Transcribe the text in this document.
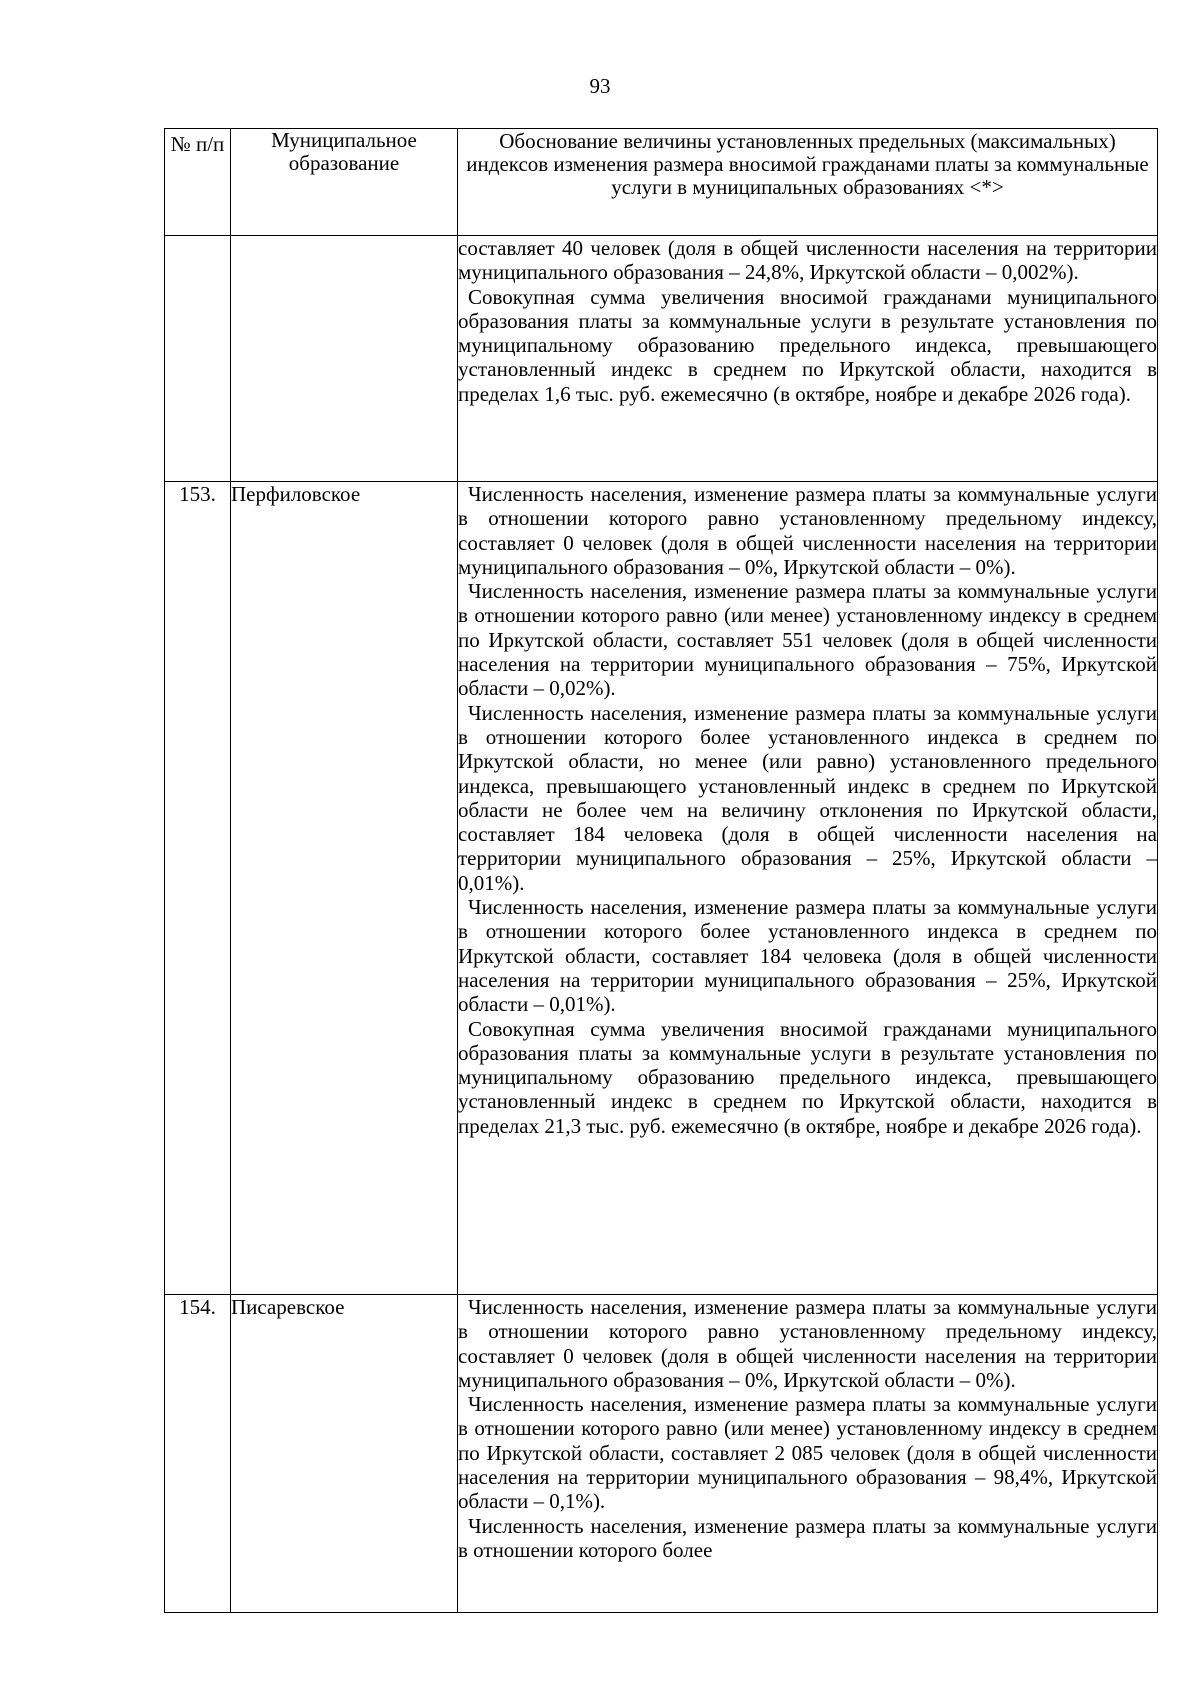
93
№ п/п	Муниципальное образование	Обоснование величины установленных предельных (максимальных) индексов изменения размера вносимой гражданами платы за коммунальные услуги в муниципальных образованиях <*>

		составляет 40 человек (доля в общей численности населения на территории муниципального образования – 24,8%, Иркутской области – 0,002%).

Совокупная сумма увеличения вносимой гражданами муниципального образования платы за коммунальные услуги в результате установления по муниципальному образованию предельного индекса, превышающего установленный индекс в среднем по Иркутской области, находится в пределах 1,6 тыс. руб. ежемесячно (в октябре, ноябре и декабре 2026 года).

153.	Перфиловское	Численность населения, изменение размера платы за коммунальные услуги в отношении которого равно установленному предельному индексу, составляет 0 человек (доля в общей численности населения на территории муниципального образования – 0%, Иркутской области – 0%).

Численность населения, изменение размера платы за коммунальные услуги в отношении которого равно (или менее) установленному индексу в среднем по Иркутской области, составляет 551 человек (доля в общей численности населения на территории муниципального образования – 75%, Иркутской области – 0,02%).

Численность населения, изменение размера платы за коммунальные услуги в отношении которого более установленного индекса в среднем по Иркутской области, но менее (или равно) установленного предельного индекса, превышающего установленный индекс в среднем по Иркутской области не более чем на величину отклонения по Иркутской области, составляет 184 человека (доля в общей численности населения на территории муниципального образования – 25%, Иркутской области – 0,01%).

Численность населения, изменение размера платы за коммунальные услуги в отношении которого более установленного индекса в среднем по Иркутской области, составляет 184 человека (доля в общей численности населения на территории муниципального образования – 25%, Иркутской области – 0,01%).

Совокупная сумма увеличения вносимой гражданами муниципального образования платы за коммунальные услуги в результате установления по муниципальному образованию предельного индекса, превышающего установленный индекс в среднем по Иркутской области, находится в пределах 21,3 тыс. руб. ежемесячно (в октябре, ноябре и декабре 2026 года).

154.	Писаревское	Численность населения, изменение размера платы за коммунальные услуги в отношении которого равно установленному предельному индексу, составляет 0 человек (доля в общей численности населения на территории муниципального образования – 0%, Иркутской области – 0%).

Численность населения, изменение размера платы за коммунальные услуги в отношении которого равно (или менее) установленному индексу в среднем по Иркутской области, составляет 2 085 человек (доля в общей численности населения на территории муниципального образования – 98,4%, Иркутской области – 0,1%).

Численность населения, изменение размера платы за коммунальные услуги в отношении которого более
